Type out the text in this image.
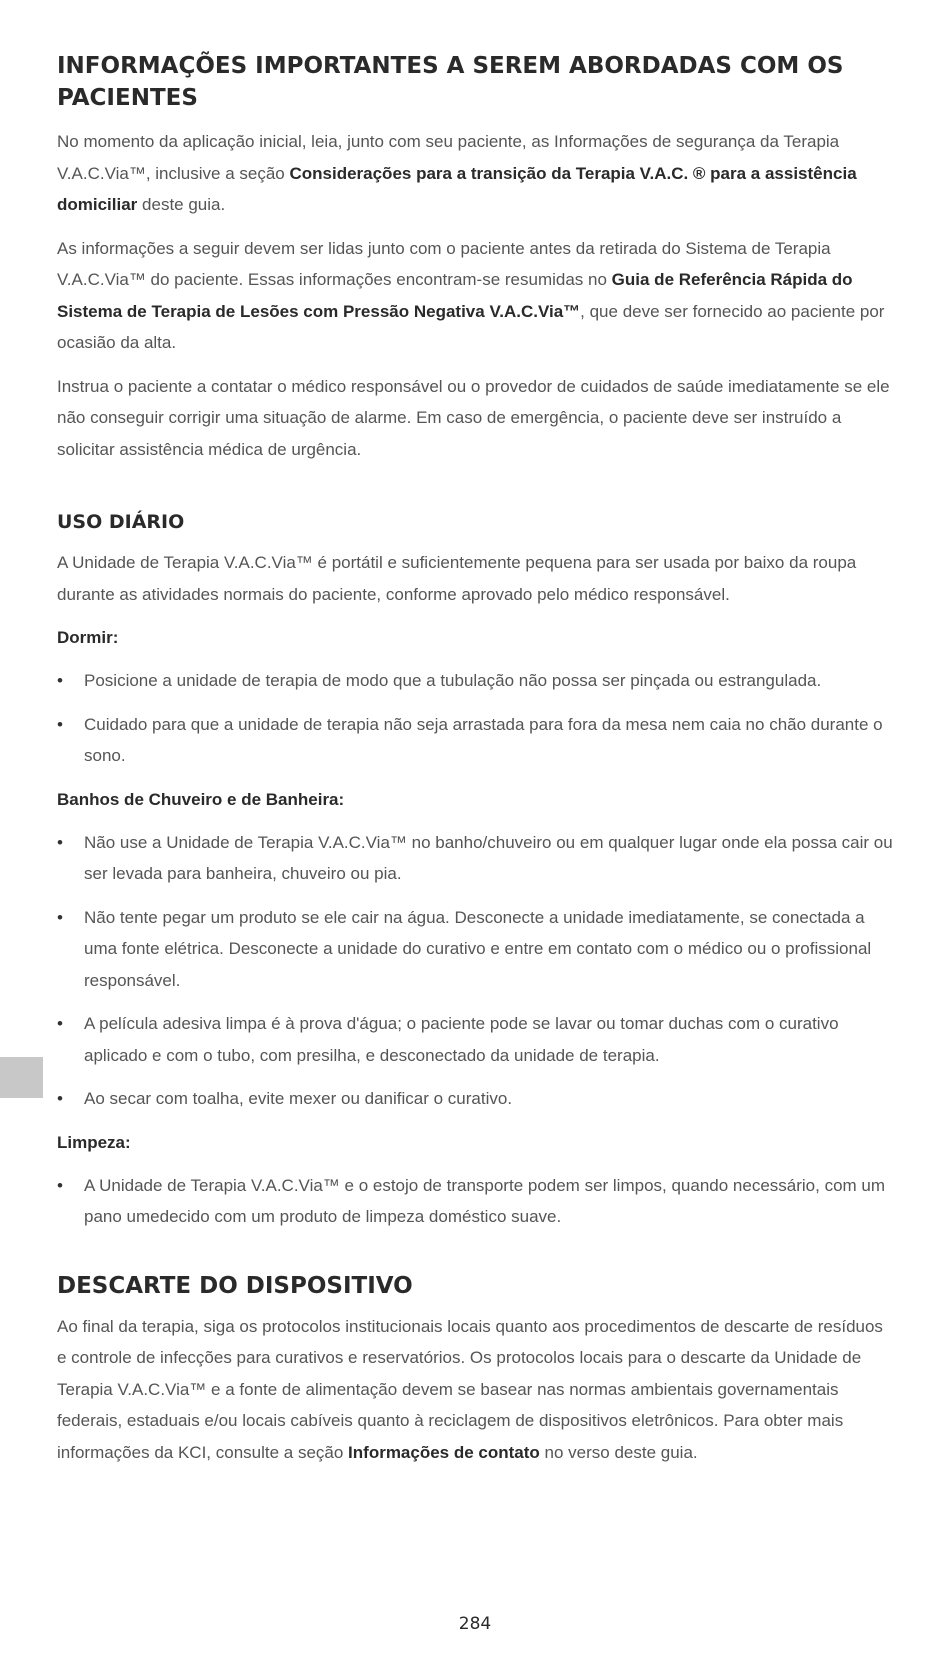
INFORMAÇÕES IMPORTANTES A SEREM ABORDADAS COM OS PACIENTES

No momento da aplicação inicial, leia, junto com seu paciente, as Informações de segurança da Terapia V.A.C.Via™, inclusive a seção Considerações para a transição da Terapia V.A.C. ® para a assistência domiciliar deste guia.

As informações a seguir devem ser lidas junto com o paciente antes da retirada do Sistema de Terapia V.A.C.Via™ do paciente. Essas informações encontram-se resumidas no Guia de Referência Rápida do Sistema de Terapia de Lesões com Pressão Negativa V.A.C.Via™, que deve ser fornecido ao paciente por ocasião da alta.

Instrua o paciente a contatar o médico responsável ou o provedor de cuidados de saúde imediatamente se ele não conseguir corrigir uma situação de alarme. Em caso de emergência, o paciente deve ser instruído a solicitar assistência médica de urgência.

USO DIÁRIO

A Unidade de Terapia V.A.C.Via™ é portátil e suficientemente pequena para ser usada por baixo da roupa durante as atividades normais do paciente, conforme aprovado pelo médico responsável.

Dormir:
• Posicione a unidade de terapia de modo que a tubulação não possa ser pinçada ou estrangulada.
• Cuidado para que a unidade de terapia não seja arrastada para fora da mesa nem caia no chão durante o sono.
Banhos de Chuveiro e de Banheira:
• Não use a Unidade de Terapia V.A.C.Via™ no banho/chuveiro ou em qualquer lugar onde ela possa cair ou ser levada para banheira, chuveiro ou pia.
• Não tente pegar um produto se ele cair na água. Desconecte a unidade imediatamente, se conectada a uma fonte elétrica. Desconecte a unidade do curativo e entre em contato com o médico ou o profissional responsável.
• A película adesiva limpa é à prova d'água; o paciente pode se lavar ou tomar duchas com o curativo aplicado e com o tubo, com presilha, e desconectado da unidade de terapia.
• Ao secar com toalha, evite mexer ou danificar o curativo.
Limpeza:
• A Unidade de Terapia V.A.C.Via™ e o estojo de transporte podem ser limpos, quando necessário, com um pano umedecido com um produto de limpeza doméstico suave.
DESCARTE DO DISPOSITIVO

Ao final da terapia, siga os protocolos institucionais locais quanto aos procedimentos de descarte de resíduos e controle de infecções para curativos e reservatórios. Os protocolos locais para o descarte da Unidade de Terapia V.A.C.Via™ e a fonte de alimentação devem se basear nas normas ambientais governamentais federais, estaduais e/ou locais cabíveis quanto à reciclagem de dispositivos eletrônicos. Para obter mais informações da KCI, consulte a seção Informações de contato no verso deste guia.

284
